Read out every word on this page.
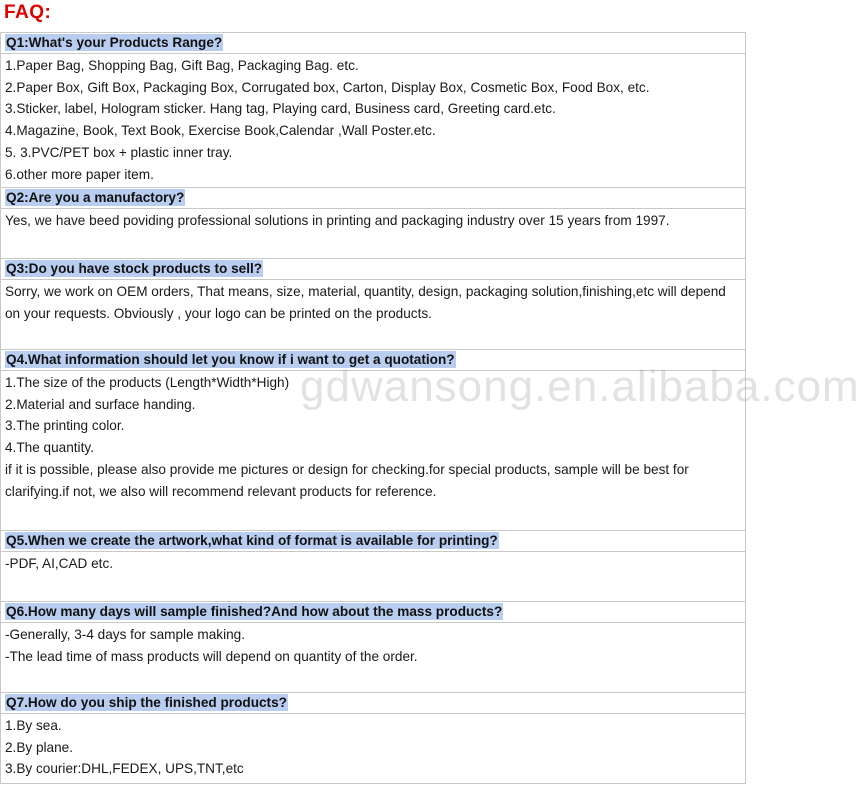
FAQ:
Q1:What's your Products Range?

1.Paper Bag, Shopping Bag, Gift Bag, Packaging Bag. etc.
2.Paper Box, Gift Box, Packaging Box, Corrugated box, Carton, Display Box, Cosmetic Box, Food Box, etc.
3.Sticker, label, Hologram sticker. Hang tag, Playing card, Business card, Greeting card.etc.
4.Magazine, Book, Text Book, Exercise Book,Calendar ,Wall Poster.etc.
5. 3.PVC/PET box + plastic inner tray.
6.other more paper item.

Q2:Are you a manufactory?

Yes, we have beed poviding professional solutions in printing and packaging industry over 15 years from 1997.

Q3:Do you have stock products to sell?

Sorry, we work on OEM orders, That means, size, material, quantity, design, packaging solution,finishing,etc will depend on your requests. Obviously , your logo can be printed on the products.

Q4.What information should let you know if i want to get a quotation?

1.The size of the products (Length*Width*High)
2.Material and surface handing.
3.The printing color.
4.The quantity.
if it is possible, please also provide me pictures or design for checking.for special products, sample will be best for clarifying.if not, we also will recommend relevant products for reference.

Q5.When we create the artwork,what kind of format is available for printing?

-PDF, AI,CAD etc.

Q6.How many days will sample finished?And how about the mass products?

-Generally, 3-4 days for sample making.
-The lead time of mass products will depend on quantity of the order.

Q7.How do you ship the finished products?

1.By sea.
2.By plane.
3.By courier:DHL,FEDEX, UPS,TNT,etc
gdwansong.en.alibaba.com
